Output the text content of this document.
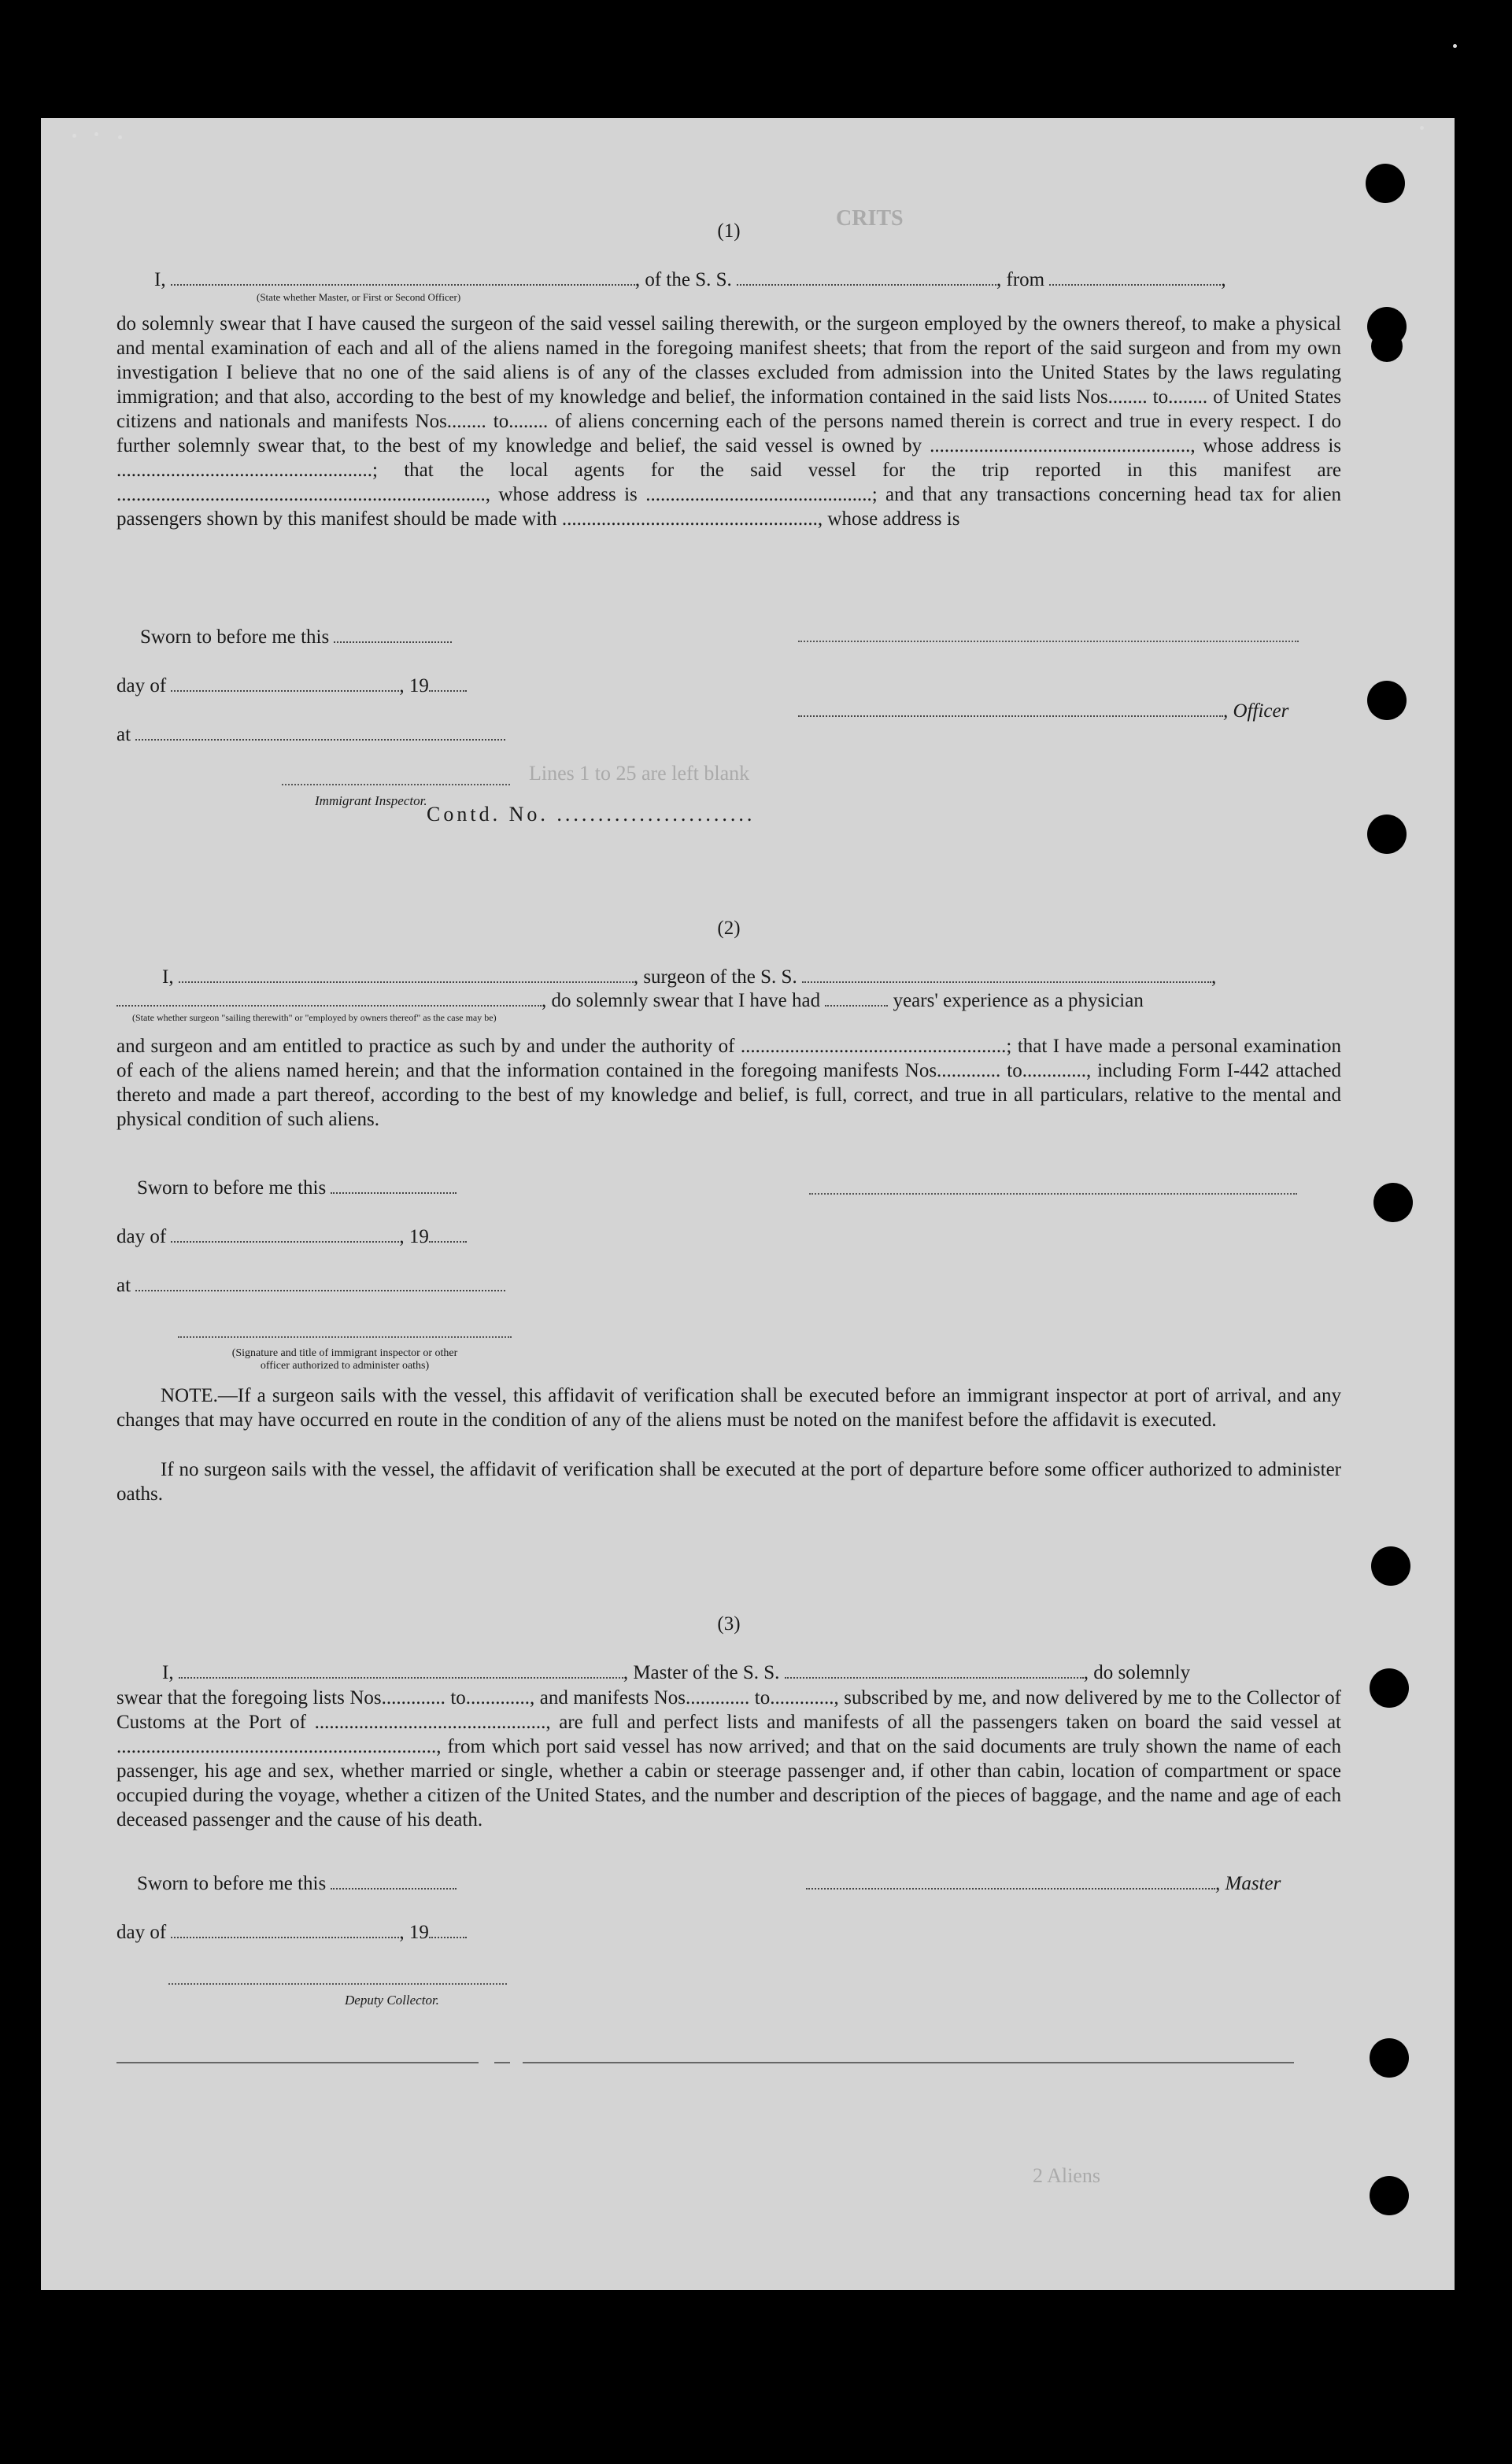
CRITS
Lines 1 to 25 are left blank
Contd. No. ........................
2 Aliens
(1)
I,	, of the S. S.	, from	,
(State whether Master, or First or Second Officer)
do solemnly swear that I have caused the surgeon of the said vessel sailing therewith, or the surgeon employed by the owners thereof, to make a physical and mental examination of each and all of the aliens named in the foregoing manifest sheets; that from the report of the said surgeon and from my own investigation I believe that no one of the said aliens is of any of the classes excluded from admission into the United States by the laws regulating immigration; and that also, according to the best of my knowledge and belief, the information contained in the said lists Nos........ to........ of United States citizens and nationals and manifests Nos........ to........ of aliens concerning each of the persons named therein is correct and true in every respect. I do further solemnly swear that, to the best of my knowledge and belief, the said vessel is owned by ....................................................., whose address is ....................................................; that the local agents for the said vessel for the trip reported in this manifest are ..........................................................................., whose address is ..............................................; and that any transactions concerning head tax for alien passengers shown by this manifest should be made with ...................................................., whose address is
Sworn to before me this
day of	, 19
, Officer
at
Immigrant Inspector.
(2)
I,	, surgeon of the S. S.	,
, do solemnly swear that I have had	years' experience as a physician
(State whether surgeon "sailing therewith" or "employed by owners thereof" as the case may be)
and surgeon and am entitled to practice as such by and under the authority of ......................................................; that I have made a personal examination of each of the aliens named herein; and that the information contained in the foregoing manifests Nos............. to............., including Form I-442 attached thereto and made a part thereof, according to the best of my knowledge and belief, is full, correct, and true in all particulars, relative to the mental and physical condition of such aliens.
Sworn to before me this
day of	, 19
at
(Signature and title of immigrant inspector or other officer authorized to administer oaths)
NOTE.—If a surgeon sails with the vessel, this affidavit of verification shall be executed before an immigrant inspector at port of arrival, and any changes that may have occurred en route in the condition of any of the aliens must be noted on the manifest before the affidavit is executed.
If no surgeon sails with the vessel, the affidavit of verification shall be executed at the port of departure before some officer authorized to administer oaths.
(3)
I,	, Master of the S. S.	, do solemnly
swear that the foregoing lists Nos............. to............., and manifests Nos............. to............., subscribed by me, and now delivered by me to the Collector of Customs at the Port of ..............................................., are full and perfect lists and manifests of all the passengers taken on board the said vessel at ................................................................., from which port said vessel has now arrived; and that on the said documents are truly shown the name of each passenger, his age and sex, whether married or single, whether a cabin or steerage passenger and, if other than cabin, location of compartment or space occupied during the voyage, whether a citizen of the United States, and the number and description of the pieces of baggage, and the name and age of each deceased passenger and the cause of his death.
Sworn to before me this	, Master
day of	, 19
Deputy Collector.
